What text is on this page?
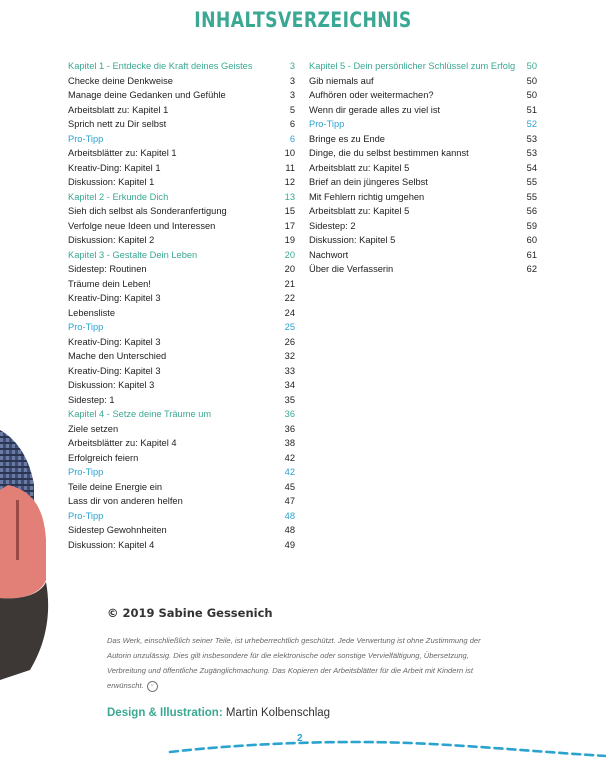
INHALTSVERZEICHNIS
Kapitel 1 - Entdecke die Kraft deines Geistes	3
Checke deine Denkweise	3
Manage deine Gedanken und Gefühle	3
Arbeitsblatt zu: Kapitel 1	5
Sprich nett zu Dir selbst	6
Pro-Tipp	6
Arbeitsblätter zu: Kapitel 1	10
Kreativ-Ding: Kapitel 1	11
Diskussion: Kapitel 1	12
Kapitel 2 - Erkunde Dich	13
Sieh dich selbst als Sonderanfertigung	15
Verfolge neue Ideen und Interessen	17
Diskussion: Kapitel 2	19
Kapitel 3 - Gestalte Dein Leben	20
Sidestep: Routinen	20
Träume dein Leben!	21
Kreativ-Ding: Kapitel 3	22
Lebensliste	24
Pro-Tipp	25
Kreativ-Ding: Kapitel 3	26
Mache den Unterschied	32
Kreativ-Ding: Kapitel 3	33
Diskussion: Kapitel 3	34
Sidestep: 1	35
Kapitel 4 - Setze deine Träume um	36
Ziele setzen	36
Arbeitsblätter zu: Kapitel 4	38
Erfolgreich feiern	42
Pro-Tipp	42
Teile deine Energie ein	45
Lass dir von anderen helfen	47
Pro-Tipp	48
Sidestep Gewohnheiten	48
Diskussion: Kapitel 4	49
Kapitel 5 - Dein persönlicher Schlüssel zum Erfolg	50
Gib niemals auf	50
Aufhören oder weitermachen?	50
Wenn dir gerade alles zu viel ist	51
Pro-Tipp	52
Bringe es zu Ende	53
Dinge, die du selbst bestimmen kannst	53
Arbeitsblatt zu: Kapitel 5	54
Brief an dein jüngeres Selbst	55
Mit Fehlern richtig umgehen	55
Arbeitsblatt zu: Kapitel 5	56
Sidestep: 2	59
Diskussion: Kapitel 5	60
Nachwort	61
Über die Verfasserin	62
© 2019 Sabine Gessenich
Das Werk, einschließlich seiner Teile, ist urheberrechtlich geschützt. Jede Verwertung ist ohne Zustimmung der Autorin unzulässig. Dies gilt insbesondere für die elektronische oder sonstige Vervielfältigung, Übersetzung, Verbreitung und öffentliche Zugänglichmachung. Das Kopieren der Arbeitsblätter für die Arbeit mit Kindern ist erwünscht. ᵕ
Design & Illustration: Martin Kolbenschlag
2
